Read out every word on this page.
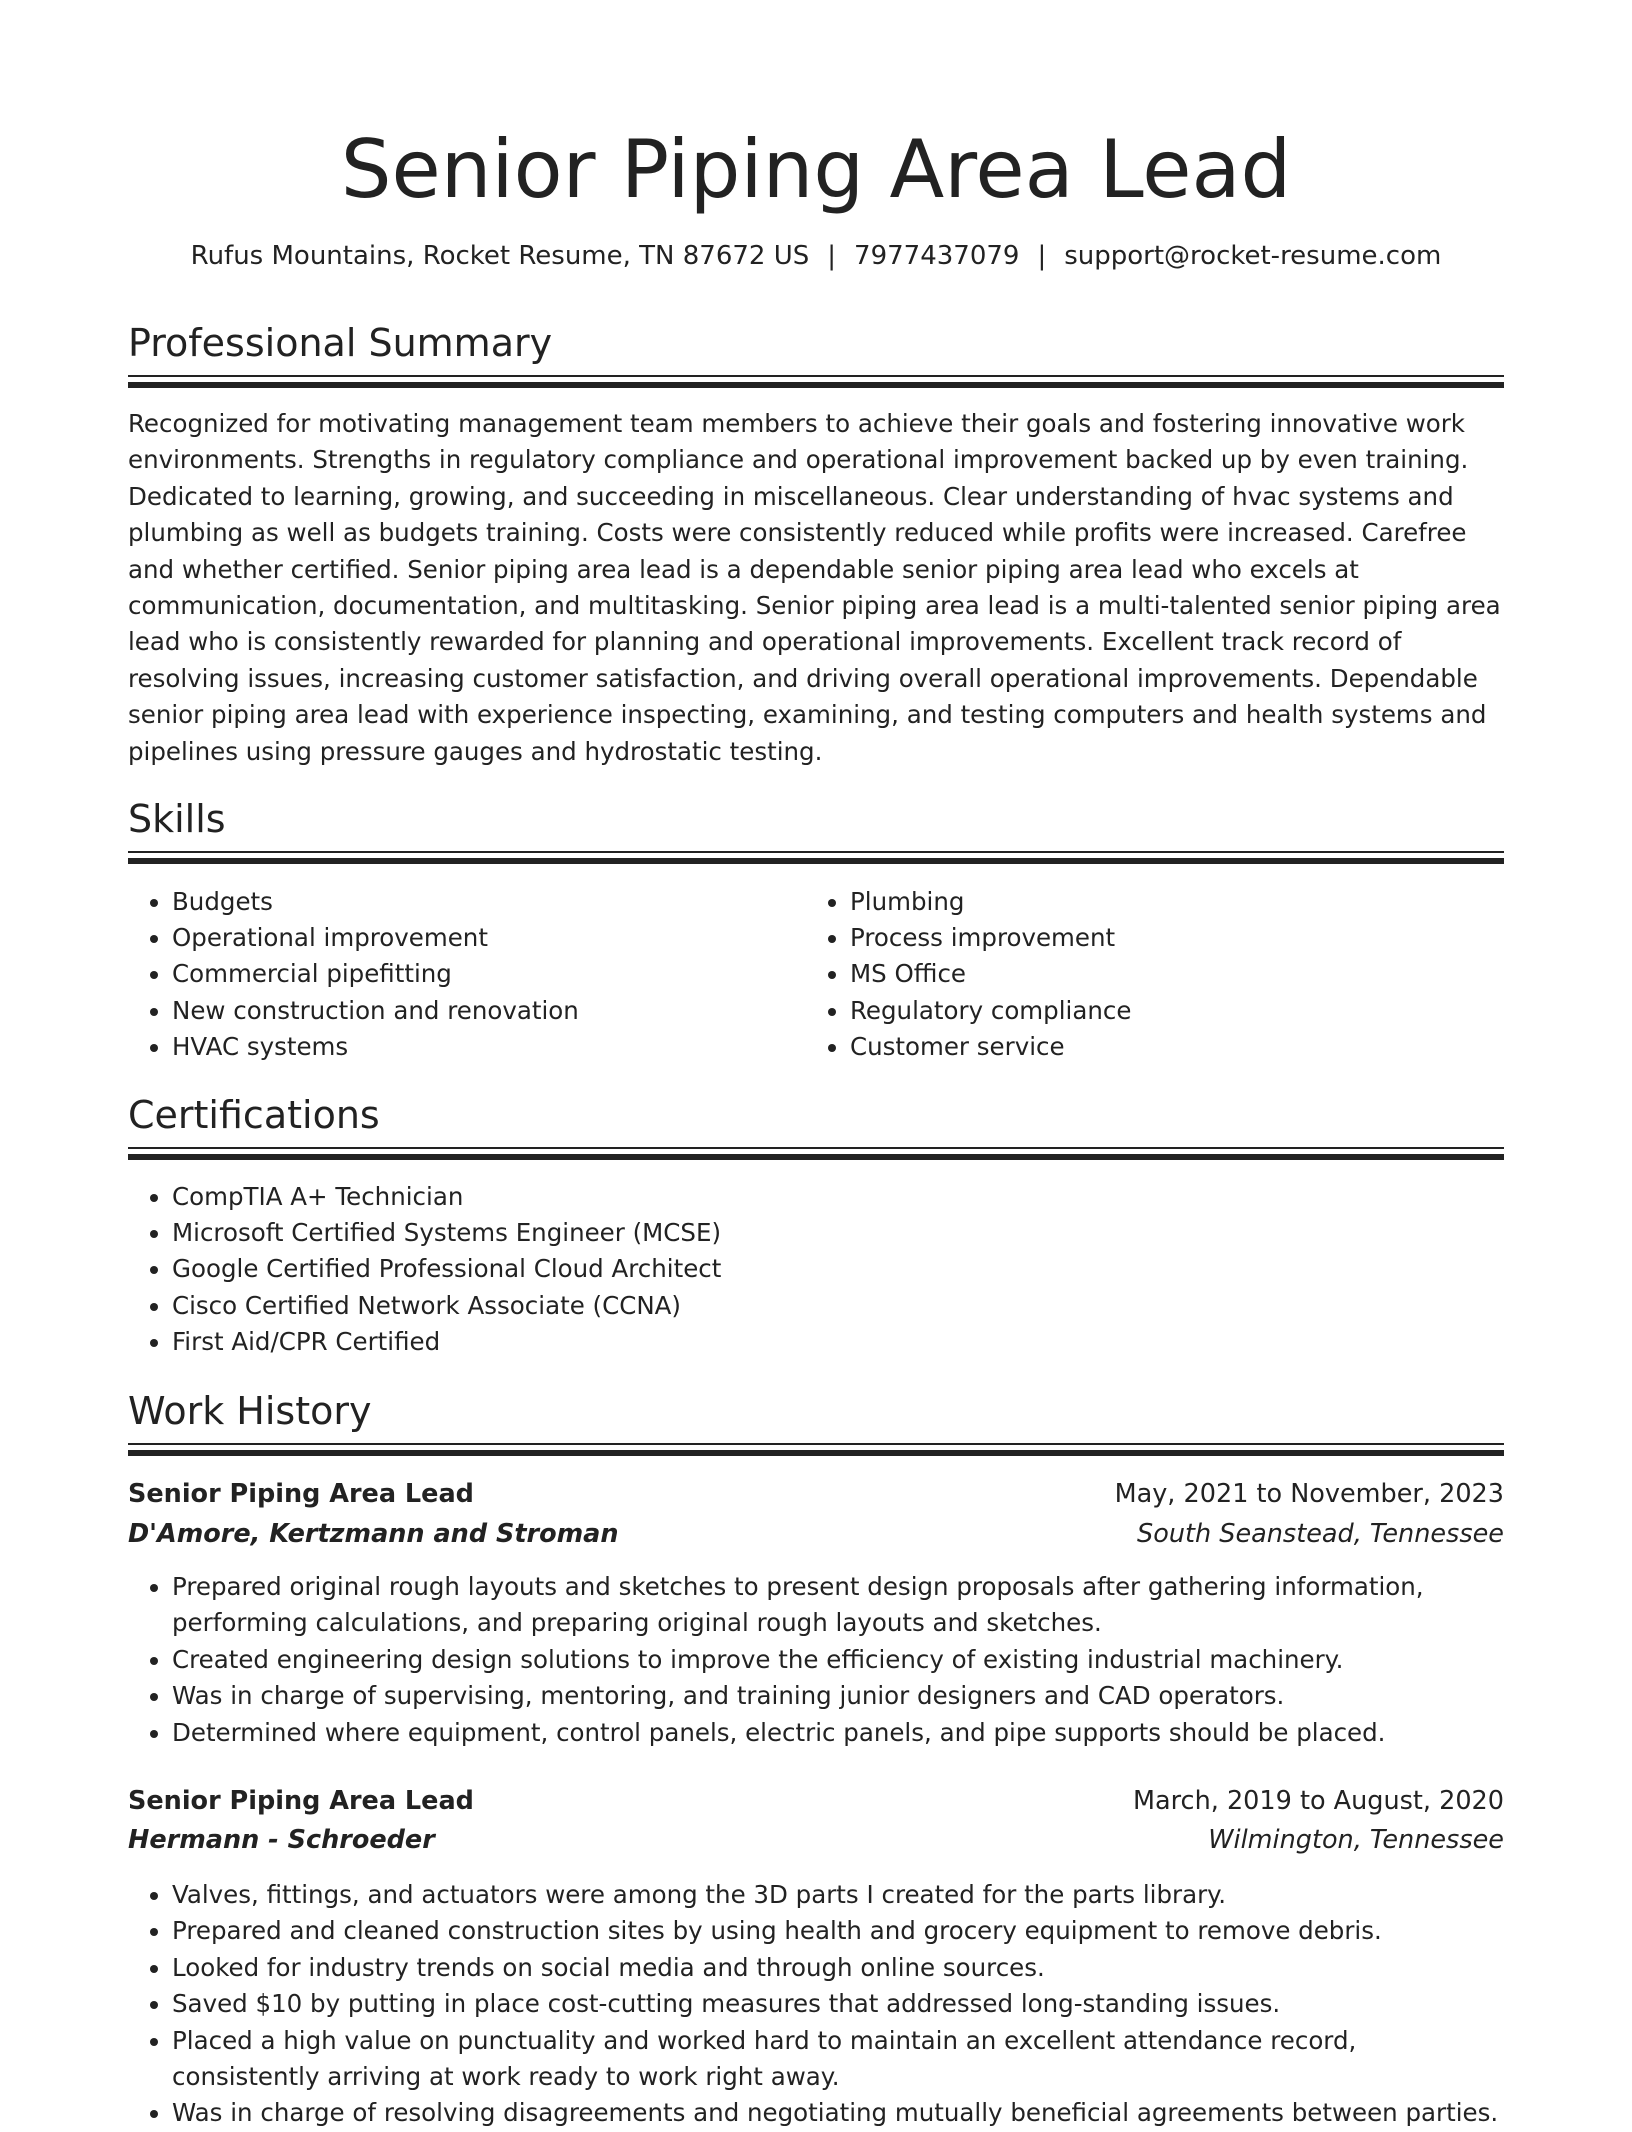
Senior Piping Area Lead
Rufus Mountains, Rocket Resume, TN 87672 US | 7977437079 | support@rocket-resume.com
Professional Summary

Recognized for motivating management team members to achieve their goals and fostering innovative work environments. Strengths in regulatory compliance and operational improvement backed up by even training. Dedicated to learning, growing, and succeeding in miscellaneous. Clear understanding of hvac systems and plumbing as well as budgets training. Costs were consistently reduced while profits were increased. Carefree and whether certified. Senior piping area lead is a dependable senior piping area lead who excels at communication, documentation, and multitasking. Senior piping area lead is a multi-talented senior piping area lead who is consistently rewarded for planning and operational improvements. Excellent track record of resolving issues, increasing customer satisfaction, and driving overall operational improvements. Dependable senior piping area lead with experience inspecting, examining, and testing computers and health systems and pipelines using pressure gauges and hydrostatic testing.

Skills
• Budgets
• Operational improvement
• Commercial pipefitting
• New construction and renovation
• HVAC systems
• Plumbing
• Process improvement
• MS Office
• Regulatory compliance
• Customer service
Certifications
• CompTIA A+ Technician
• Microsoft Certified Systems Engineer (MCSE)
• Google Certified Professional Cloud Architect
• Cisco Certified Network Associate (CCNA)
• First Aid/CPR Certified
Work History
Senior Piping Area Lead	May, 2021 to November, 2023
D'Amore, Kertzmann and Stroman	South Seanstead, Tennessee
• Prepared original rough layouts and sketches to present design proposals after gathering information, performing calculations, and preparing original rough layouts and sketches.
• Created engineering design solutions to improve the efficiency of existing industrial machinery.
• Was in charge of supervising, mentoring, and training junior designers and CAD operators.
• Determined where equipment, control panels, electric panels, and pipe supports should be placed.
Senior Piping Area Lead	March, 2019 to August, 2020
Hermann - Schroeder	Wilmington, Tennessee
• Valves, fittings, and actuators were among the 3D parts I created for the parts library.
• Prepared and cleaned construction sites by using health and grocery equipment to remove debris.
• Looked for industry trends on social media and through online sources.
• Saved $10 by putting in place cost-cutting measures that addressed long-standing issues.
• Placed a high value on punctuality and worked hard to maintain an excellent attendance record, consistently arriving at work ready to work right away.
• Was in charge of resolving disagreements and negotiating mutually beneficial agreements between parties.
